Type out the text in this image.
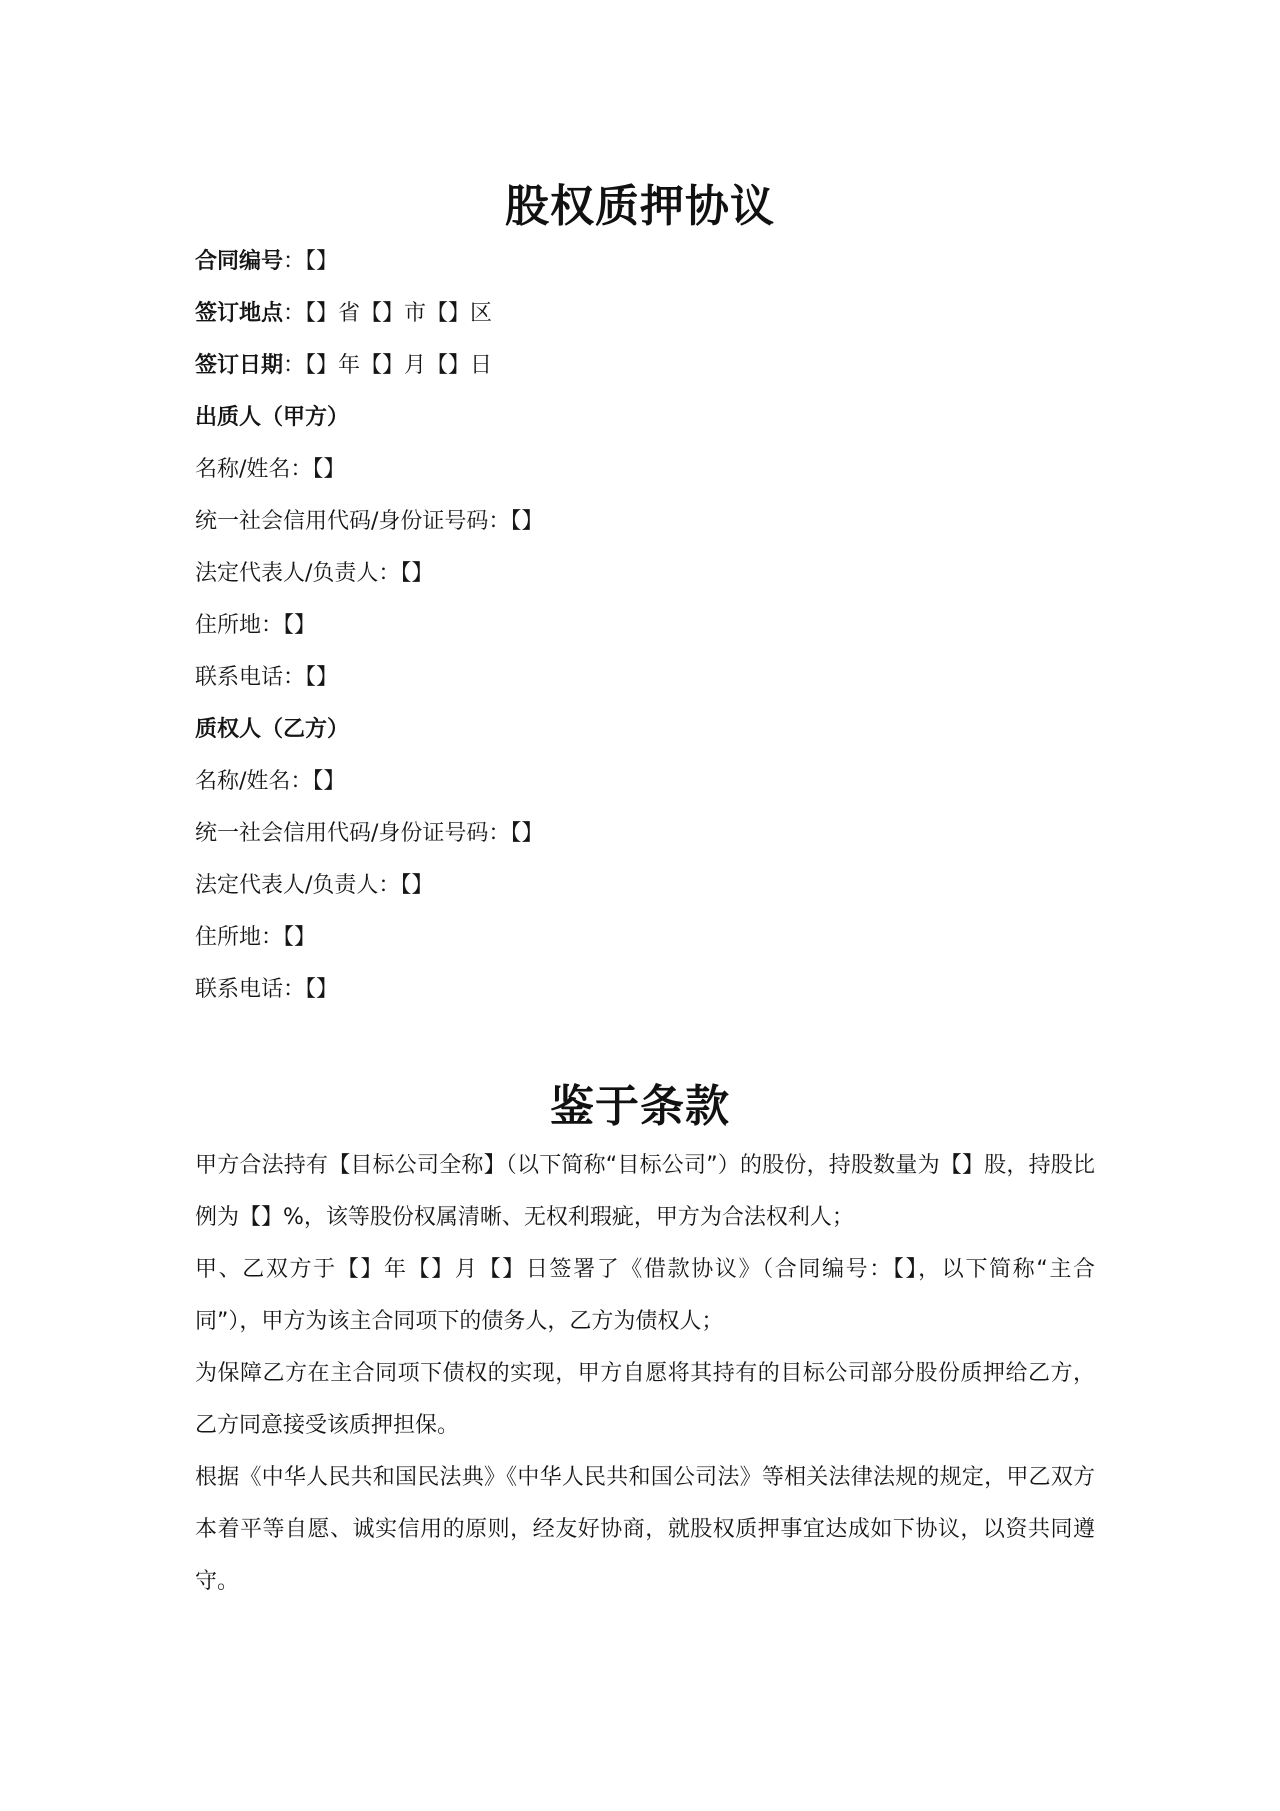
股权质押协议
合同编号：【】
签订地点：【】省【】市【】区
签订日期：【】年【】月【】日
出质人（甲方）
名称/姓名：【】
统一社会信用代码/身份证号码：【】
法定代表人/负责人：【】
住所地：【】
联系电话：【】
质权人（乙方）
名称/姓名：【】
统一社会信用代码/身份证号码：【】
法定代表人/负责人：【】
住所地：【】
联系电话：【】
鉴于条款

甲方合法持有【目标公司全称】（以下简称“目标公司”）的股份，持股数量为【】股，持股比例为【】%，该等股份权属清晰、无权利瑕疵，甲方为合法权利人；

甲、乙双方于【】年【】月【】日签署了《借款协议》（合同编号：【】，以下简称“主合同”），甲方为该主合同项下的债务人，乙方为债权人；

为保障乙方在主合同项下债权的实现，甲方自愿将其持有的目标公司部分股份质押给乙方，乙方同意接受该质押担保。

根据《中华人民共和国民法典》《中华人民共和国公司法》等相关法律法规的规定，甲乙双方本着平等自愿、诚实信用的原则，经友好协商，就股权质押事宜达成如下协议，以资共同遵守。
